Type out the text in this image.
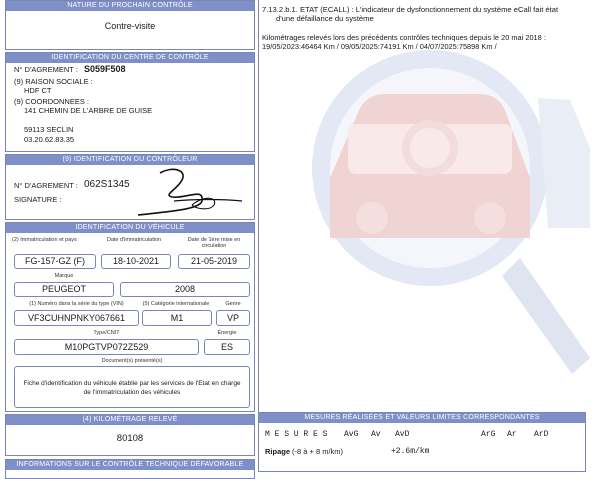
NATURE DU PROCHAIN CONTRÔLE
Contre-visite
IDENTIFICATION DU CENTRE DE CONTRÔLE
N° D'AGREMENT : S059F508
(9) RAISON SOCIALE :
HDF CT
(9) COORDONNEES :
141 CHEMIN DE L'ARBRE DE GUISE
59113 SECLIN
03.20.62.83.35
(9) IDENTIFICATION DU CONTRÔLEUR
N° D'AGREMENT : 062S1345
SIGNATURE :
IDENTIFICATION DU VÉHICULE
(2) Immatriculation et pays	Date d'immatriculation	Date de 1ère mise en circulation
FG-157-GZ (F)	18-10-2021	21-05-2019
Marque
PEUGEOT	2008
(1) Numéro dans la série du type (VIN)	(5) Catégorie internationale	Genre
VF3CUHNPNKY067661	M1	VP
Type/CNIT	Énergie
M10PGTVP072Z529	ES
Document(s) présenté(s)
Fiche d'identification du véhicule établie par les services de l'Etat en charge
de l'immatriculation des véhicules
(4) KILOMÉTRAGE RELEVÉ
80108
INFORMATIONS SUR LE CONTRÔLE TECHNIQUE DÉFAVORABLE
7.13.2.b.1. ETAT (ECALL) : L'indicateur de dysfonctionnement du système eCall fait état
d'une défaillance du système
Kilométrages relevés lors des précédents contrôles techniques depuis le 20 mai 2018 :
19/05/2023:46464 Km / 09/05/2025:74191 Km / 04/07/2025:75898 Km /
MESURES RÉALISÉES ET VALEURS LIMITES CORRESPONDANTES
M E S U R E S AvG Av AvD	ArG Ar ArD
Ripage (-8 à + 8 m/km)	+2.6m/km
